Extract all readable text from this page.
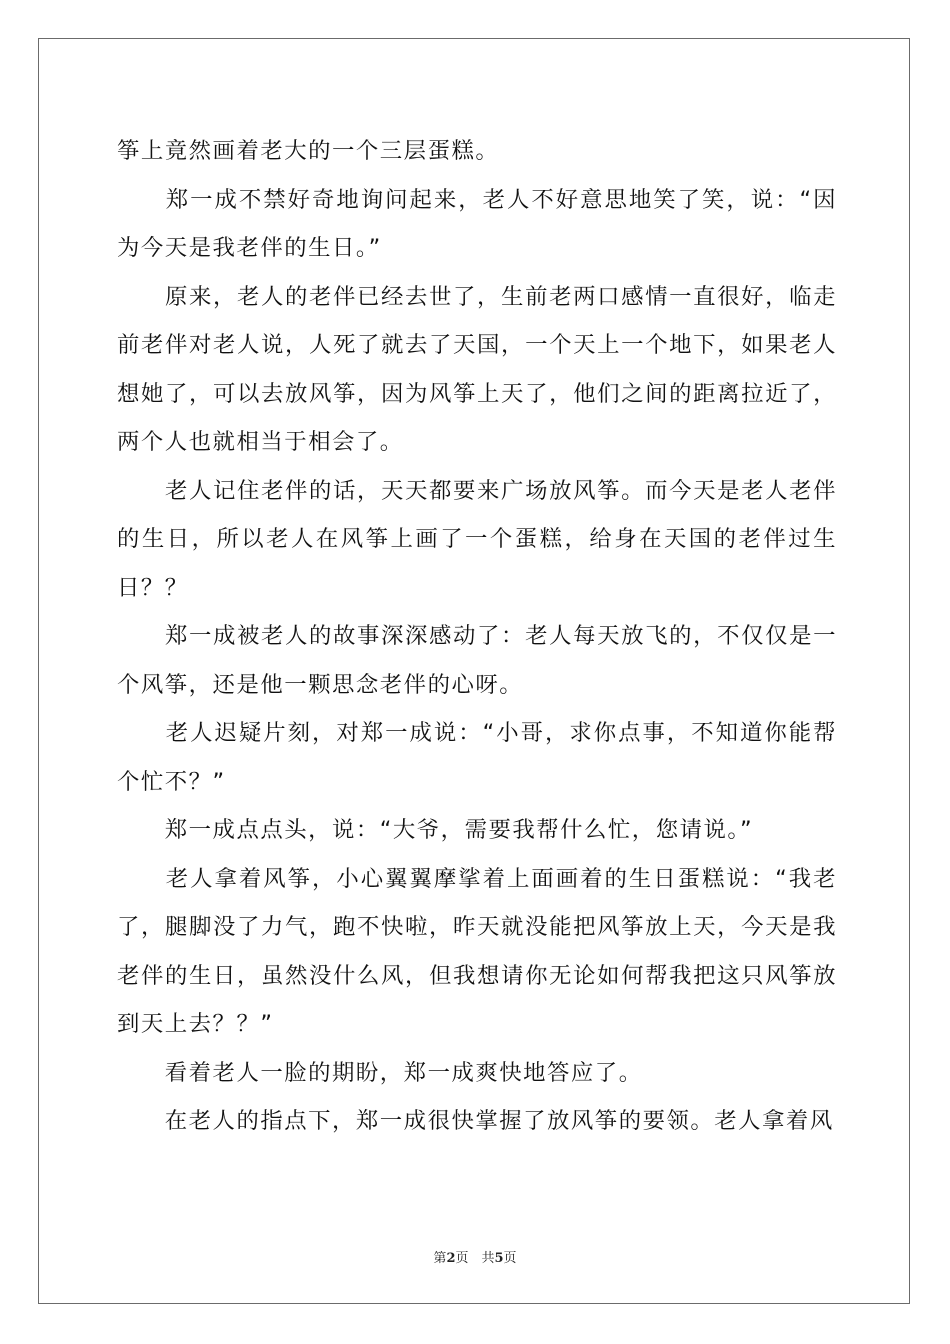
筝上竟然画着老大的一个三层蛋糕。

　　郑一成不禁好奇地询问起来，老人不好意思地笑了笑，说：“因为今天是我老伴的生日。”

　　原来，老人的老伴已经去世了，生前老两口感情一直很好，临走前老伴对老人说，人死了就去了天国，一个天上一个地下，如果老人想她了，可以去放风筝，因为风筝上天了，他们之间的距离拉近了，两个人也就相当于相会了。

　　老人记住老伴的话，天天都要来广场放风筝。而今天是老人老伴的生日，所以老人在风筝上画了一个蛋糕，给身在天国的老伴过生日？？

　　郑一成被老人的故事深深感动了：老人每天放飞的，不仅仅是一个风筝，还是他一颗思念老伴的心呀。

　　老人迟疑片刻，对郑一成说：“小哥，求你点事，不知道你能帮个忙不？”

　　郑一成点点头，说：“大爷，需要我帮什么忙，您请说。”

　　老人拿着风筝，小心翼翼摩挲着上面画着的生日蛋糕说：“我老了，腿脚没了力气，跑不快啦，昨天就没能把风筝放上天，今天是我老伴的生日，虽然没什么风，但我想请你无论如何帮我把这只风筝放到天上去？？”

　　看着老人一脸的期盼，郑一成爽快地答应了。

　　在老人的指点下，郑一成很快掌握了放风筝的要领。老人拿着风

第2页　共5页
